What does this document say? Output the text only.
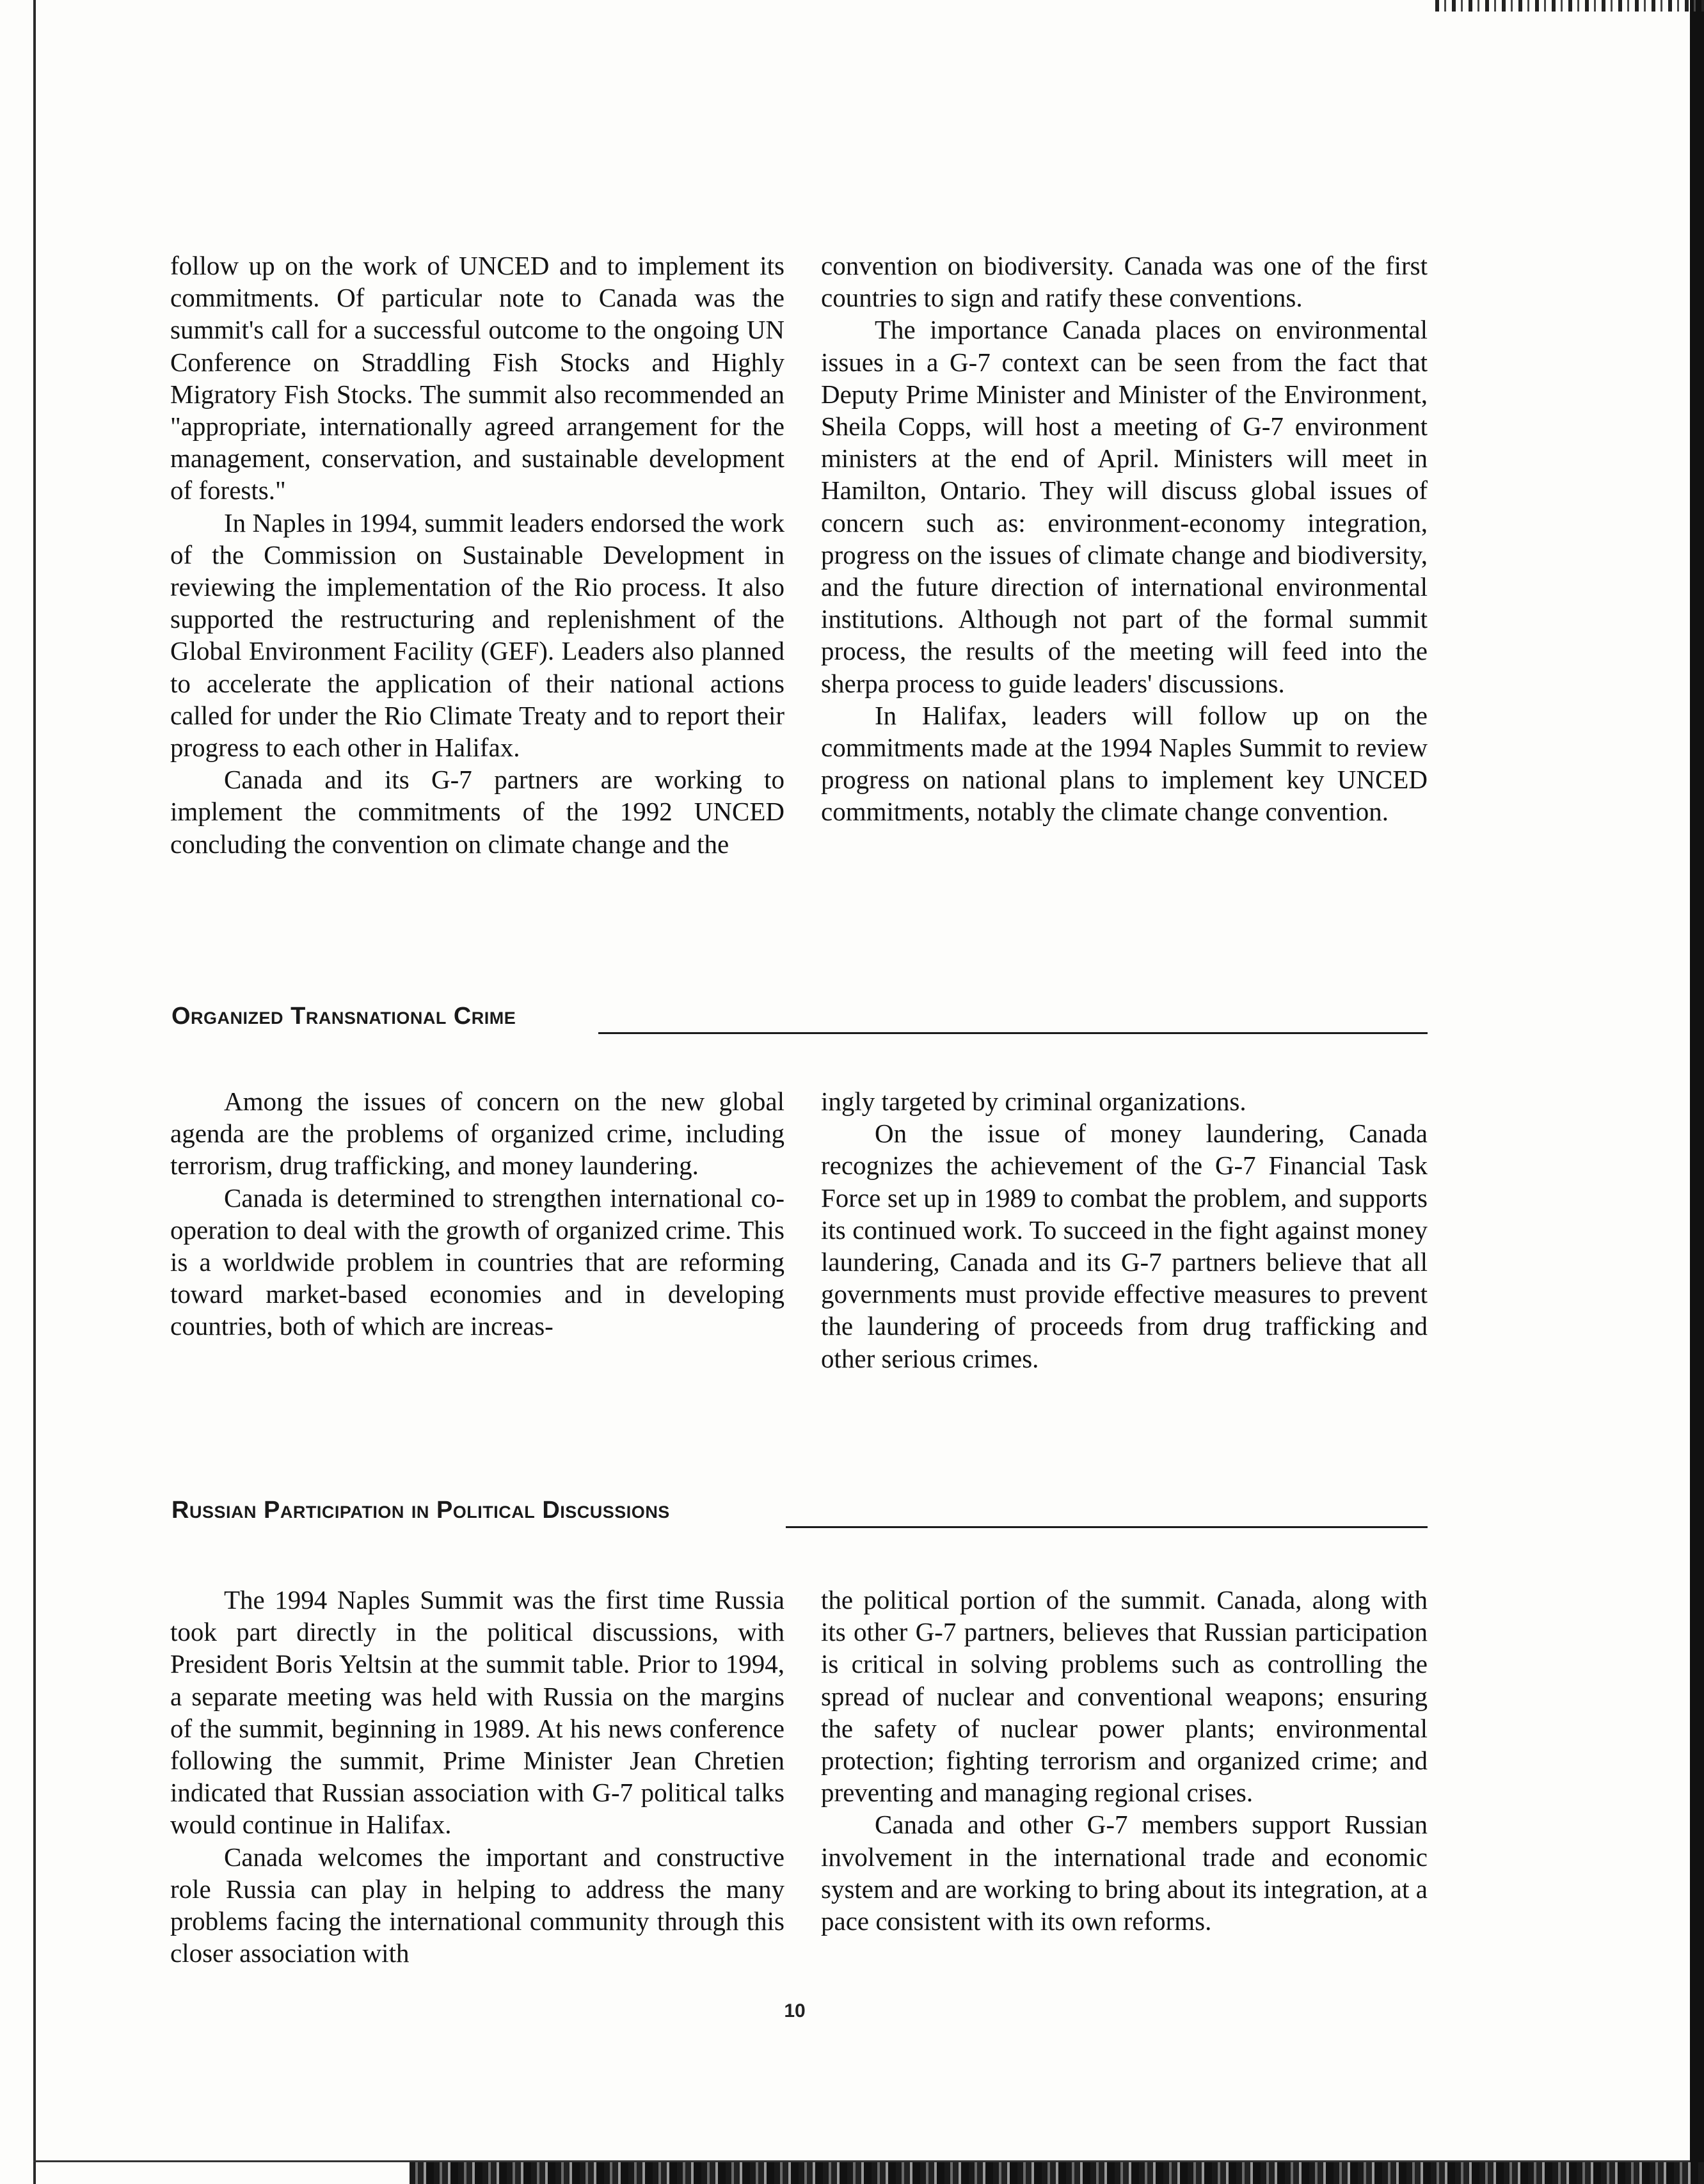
follow up on the work of UNCED and to implement its commitments. Of particular note to Canada was the summit's call for a successful outcome to the ongoing UN Conference on Straddling Fish Stocks and Highly Migratory Fish Stocks. The summit also recommended an "appropriate, internationally agreed arrangement for the management, conservation, and sustainable development of forests."

In Naples in 1994, summit leaders endorsed the work of the Commission on Sustainable Development in reviewing the implementation of the Rio process. It also supported the restructuring and replenishment of the Global Environment Facility (GEF). Leaders also planned to accelerate the application of their national actions called for under the Rio Climate Treaty and to report their progress to each other in Halifax.

Canada and its G-7 partners are working to implement the commitments of the 1992 UNCED concluding the convention on climate change and the

convention on biodiversity. Canada was one of the first countries to sign and ratify these conventions.

The importance Canada places on environmental issues in a G-7 context can be seen from the fact that Deputy Prime Minister and Minister of the Environment, Sheila Copps, will host a meeting of G-7 environment ministers at the end of April. Ministers will meet in Hamilton, Ontario. They will discuss global issues of concern such as: environment-economy integration, progress on the issues of climate change and biodiversity, and the future direction of international environmental institutions. Although not part of the formal summit process, the results of the meeting will feed into the sherpa process to guide leaders' discussions.

In Halifax, leaders will follow up on the commitments made at the 1994 Naples Summit to review progress on national plans to implement key UNCED commitments, notably the climate change convention.

Organized Transnational Crime

Among the issues of concern on the new global agenda are the problems of organized crime, including terrorism, drug trafficking, and money laundering.

Canada is determined to strengthen international co-operation to deal with the growth of organized crime. This is a worldwide problem in countries that are reforming toward market-based economies and in developing countries, both of which are increas-

ingly targeted by criminal organizations.

On the issue of money laundering, Canada recognizes the achievement of the G-7 Financial Task Force set up in 1989 to combat the problem, and supports its continued work. To succeed in the fight against money laundering, Canada and its G-7 partners believe that all governments must provide effective measures to prevent the laundering of proceeds from drug trafficking and other serious crimes.

Russian Participation in Political Discussions

The 1994 Naples Summit was the first time Russia took part directly in the political discussions, with President Boris Yeltsin at the summit table. Prior to 1994, a separate meeting was held with Russia on the margins of the summit, beginning in 1989. At his news conference following the summit, Prime Minister Jean Chretien indicated that Russian association with G-7 political talks would continue in Halifax.

Canada welcomes the important and constructive role Russia can play in helping to address the many problems facing the international community through this closer association with

the political portion of the summit. Canada, along with its other G-7 partners, believes that Russian participation is critical in solving problems such as controlling the spread of nuclear and conventional weapons; ensuring the safety of nuclear power plants; environmental protection; fighting terrorism and organized crime; and preventing and managing regional crises.

Canada and other G-7 members support Russian involvement in the international trade and economic system and are working to bring about its integration, at a pace consistent with its own reforms.

10
